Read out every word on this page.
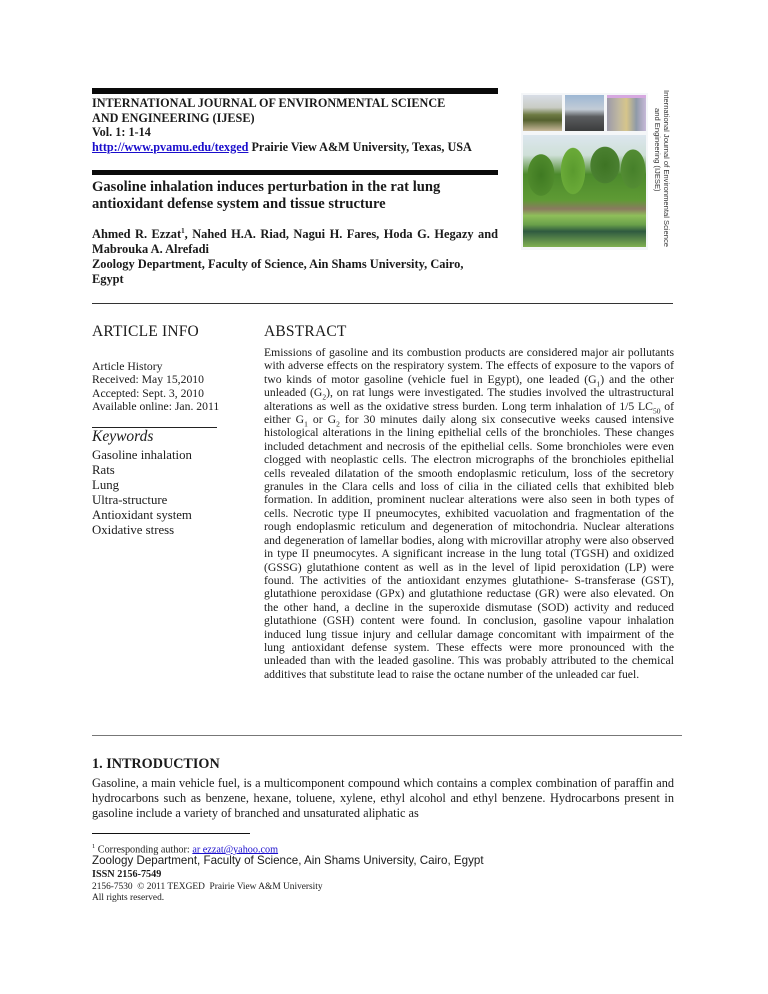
INTERNATIONAL JOURNAL OF ENVIRONMENTAL SCIENCE
AND ENGINEERING (IJESE)
Vol. 1: 1-14
http://www.pvamu.edu/texged Prairie View A&M University, Texas, USA
Gasoline inhalation induces perturbation in the rat lung
antioxidant defense system and tissue structure
Ahmed R. Ezzat$^1$, Nahed H.A. Riad, Nagui H. Fares, Hoda G. Hegazy and Mabrouka A. Alrefadi
Zoology Department, Faculty of Science, Ain Shams University, Cairo, Egypt
International Journal of Environmental Science
and Engineering (IJESE)
ARTICLE INFO
Article History
Received: May 15,2010
Accepted: Sept. 3, 2010
Available online: Jan. 2011
Keywords
Gasoline inhalation
Rats
Lung
Ultra-structure
Antioxidant system
Oxidative stress
ABSTRACT
Emissions of gasoline and its combustion products are considered major air pollutants with adverse effects on the respiratory system. The effects of exposure to the vapors of two kinds of motor gasoline (vehicle fuel in Egypt), one leaded $(G_1)$ and the other unleaded $(G_2)$, on rat lungs were investigated. The studies involved the ultrastructural alterations as well as the oxidative stress burden. Long term inhalation of 1/5 $LC_{50}$ of either $G_1$ or $G_2$ for 30 minutes daily along six consecutive weeks caused intensive histological alterations in the lining epithelial cells of the bronchioles. These changes included detachment and necrosis of the epithelial cells. Some bronchioles were even clogged with neoplastic cells. The electron micrographs of the bronchioles epithelial cells revealed dilatation of the smooth endoplasmic reticulum, loss of the secretory granules in the Clara cells and loss of cilia in the ciliated cells that exhibited bleb formation. In addition, prominent nuclear alterations were also seen in both types of cells. Necrotic type II pneumocytes, exhibited vacuolation and fragmentation of the rough endoplasmic reticulum and degeneration of mitochondria. Nuclear alterations and degeneration of lamellar bodies, along with microvillar atrophy were also observed in type II pneumocytes. A significant increase in the lung total (TGSH) and oxidized (GSSG) glutathione content as well as in the level of lipid peroxidation (LP) were found. The activities of the antioxidant enzymes glutathione- S-transferase (GST), glutathione peroxidase (GPx) and glutathione reductase (GR) were also elevated. On the other hand, a decline in the superoxide dismutase (SOD) activity and reduced glutathione (GSH) content were found. In conclusion, gasoline vapour inhalation induced lung tissue injury and cellular damage concomitant with impairment of the lung antioxidant defense system. These effects were more pronounced with the unleaded than with the leaded gasoline. This was probably attributed to the chemical additives that substitute lead to raise the octane number of the unleaded car fuel.
1. INTRODUCTION
Gasoline, a main vehicle fuel, is a multicomponent compound which contains a complex combination of paraffin and hydrocarbons such as benzene, hexane, toluene, xylene, ethyl alcohol and ethyl benzene. Hydrocarbons present in gasoline include a variety of branched and unsaturated aliphatic as
$^1$ Corresponding author: ar ezzat@yahoo.com
Zoology Department, Faculty of Science, Ain Shams University, Cairo, Egypt
ISSN 2156-7549
2156-7530  © 2011 TEXGED  Prairie View A&M University
All rights reserved.
